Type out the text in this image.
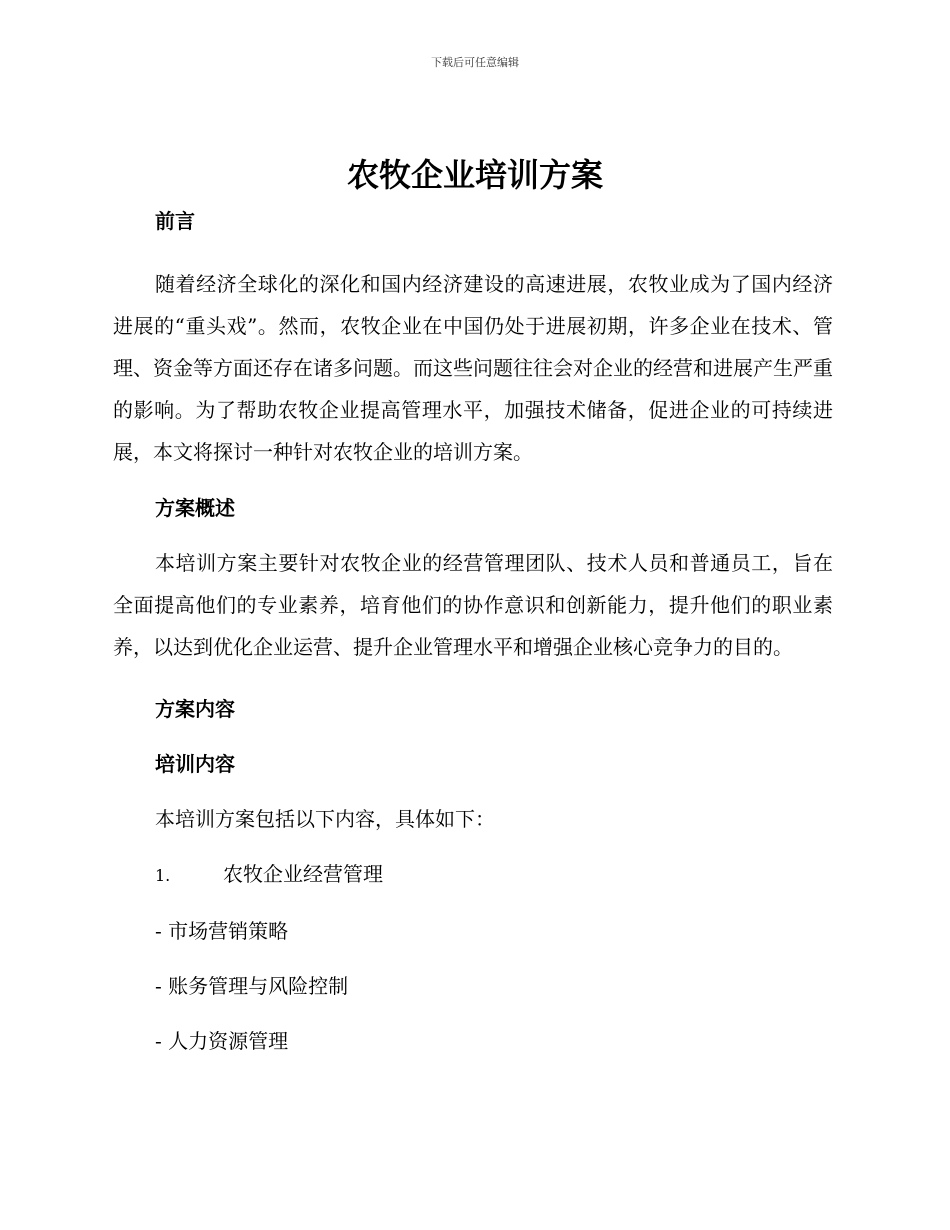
下载后可任意编辑
农牧企业培训方案

前言

随着经济全球化的深化和国内经济建设的高速进展，农牧业成为了国内经济进展的“重头戏”。然而，农牧企业在中国仍处于进展初期，许多企业在技术、管理、资金等方面还存在诸多问题。而这些问题往往会对企业的经营和进展产生严重的影响。为了帮助农牧企业提高管理水平，加强技术储备，促进企业的可持续进展，本文将探讨一种针对农牧企业的培训方案。

方案概述

本培训方案主要针对农牧企业的经营管理团队、技术人员和普通员工，旨在全面提高他们的专业素养，培育他们的协作意识和创新能力，提升他们的职业素养，以达到优化企业运营、提升企业管理水平和增强企业核心竞争力的目的。

方案内容

培训内容

本培训方案包括以下内容，具体如下：

1.	农牧企业经营管理

- 市场营销策略

- 账务管理与风险控制

- 人力资源管理
